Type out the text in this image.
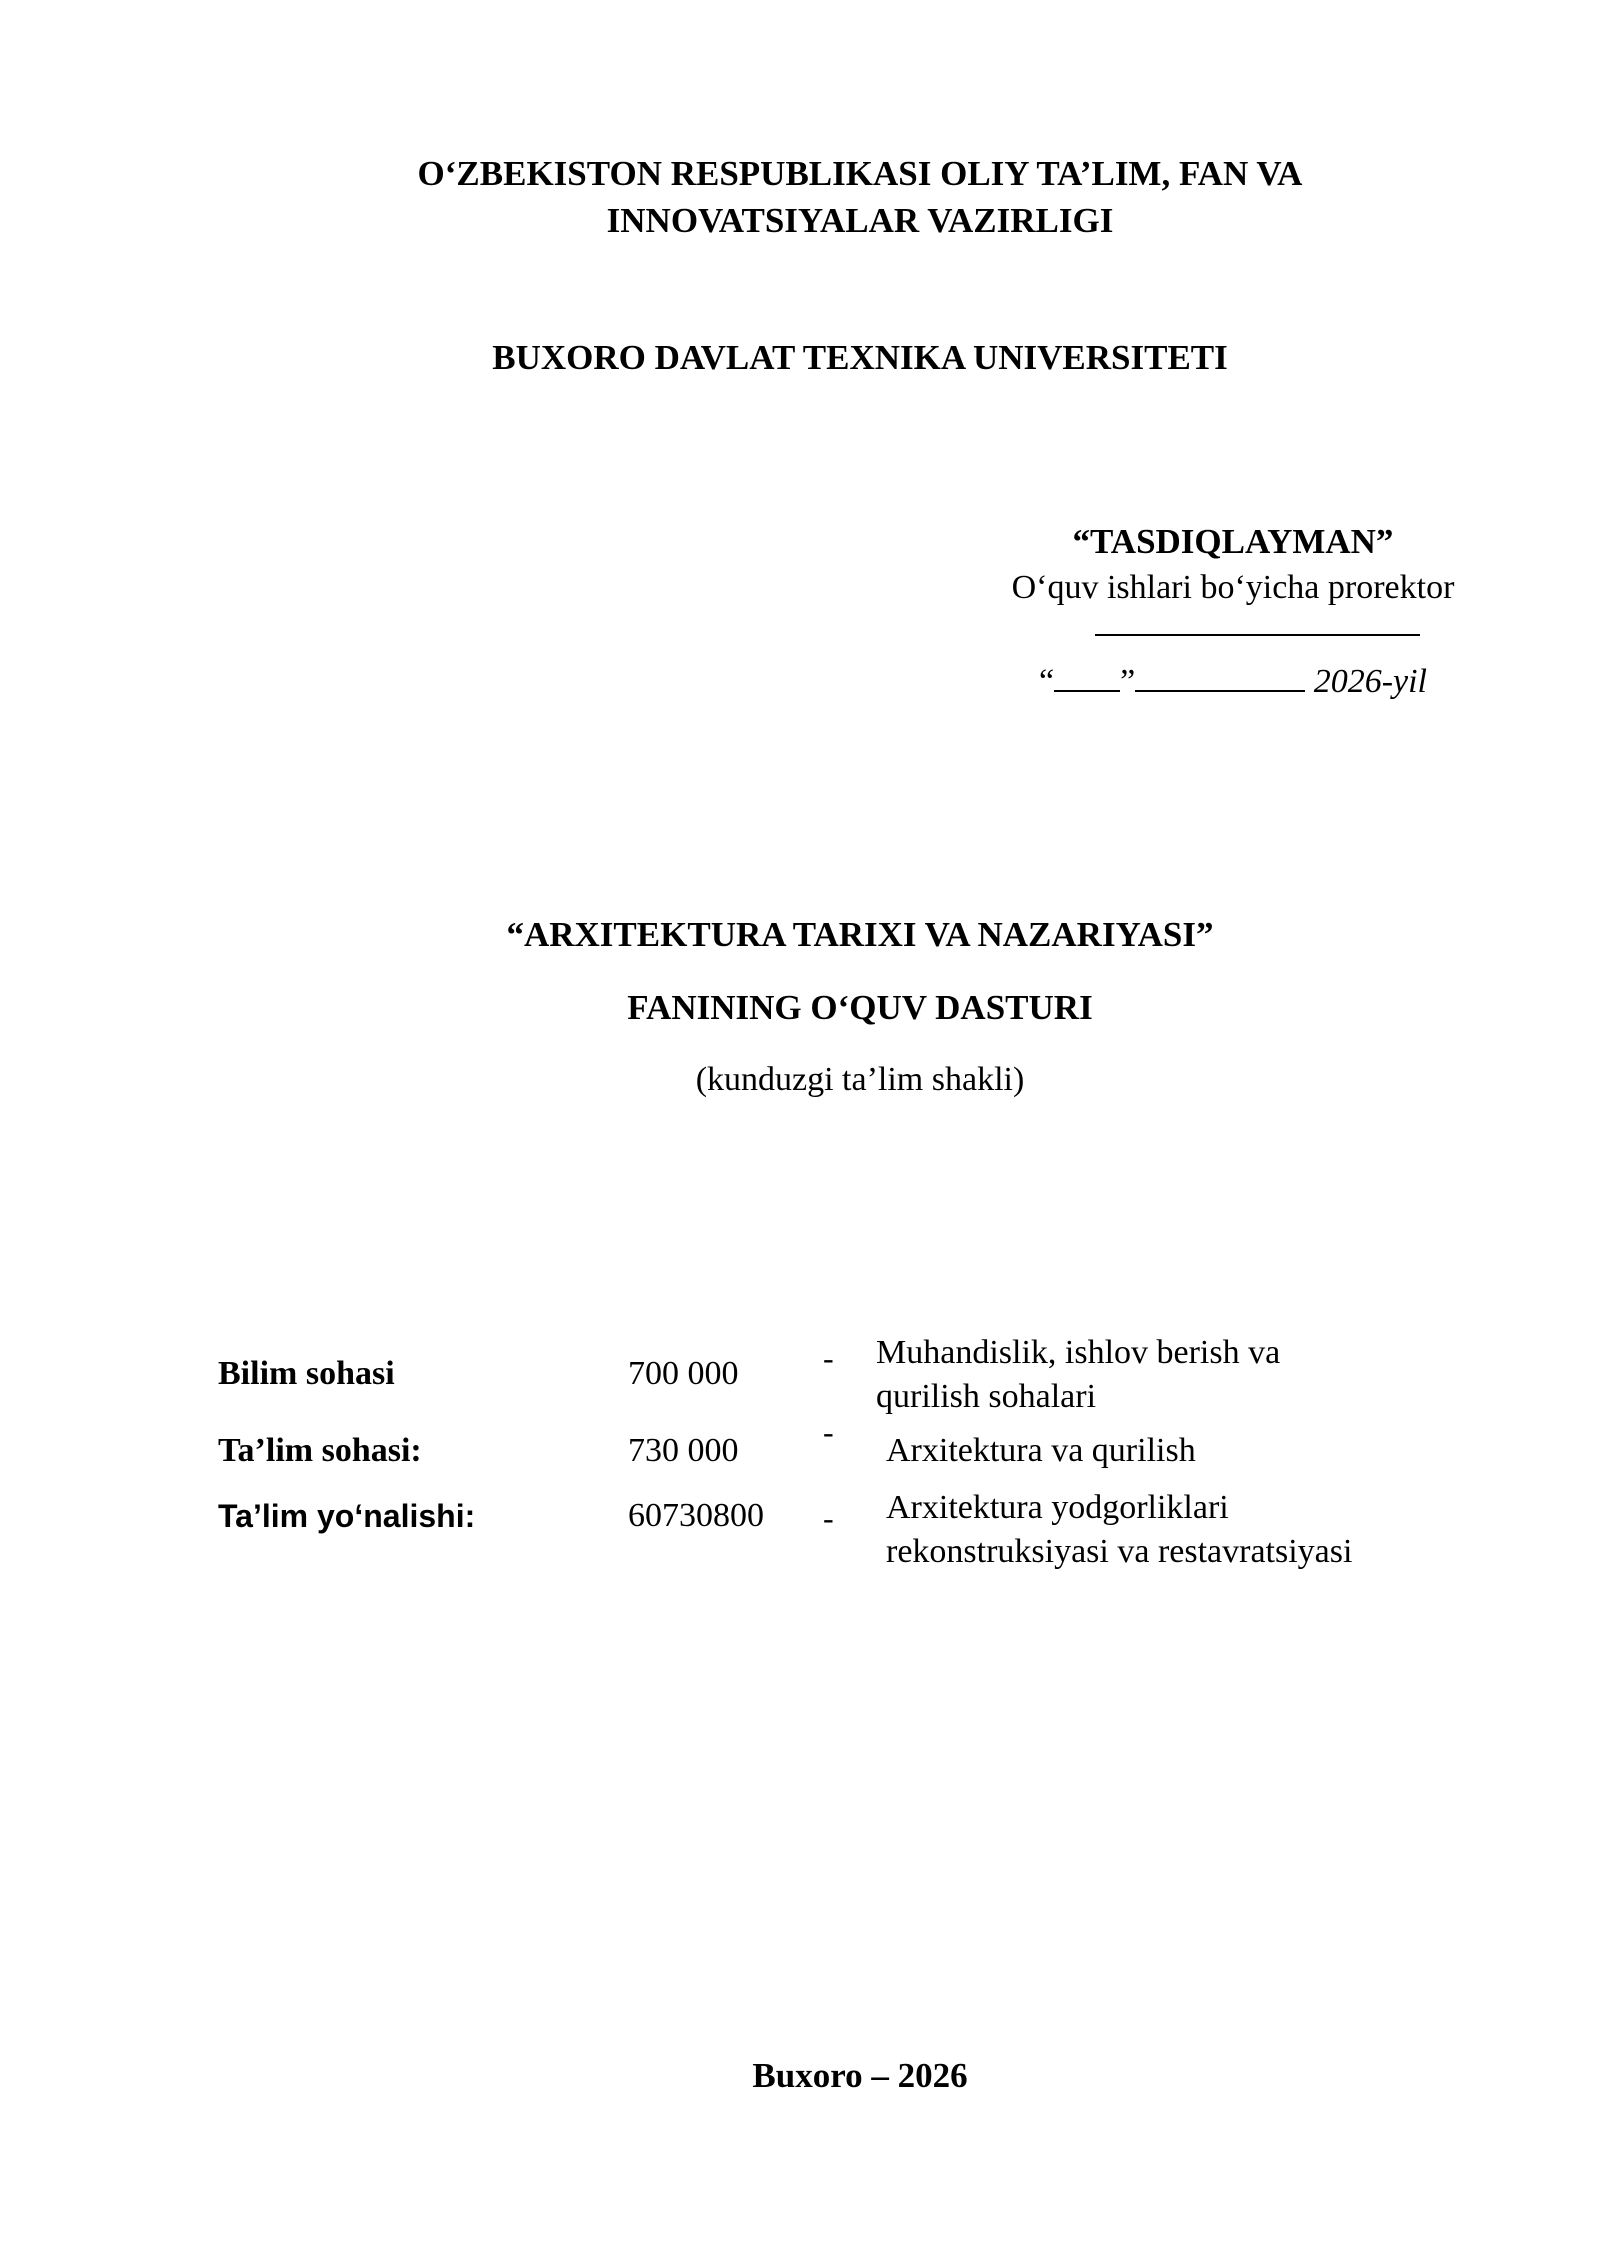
O‘ZBEKISTON RESPUBLIKASI OLIY TA’LIM, FAN VA
INNOVATSIYALAR VAZIRLIGI
BUXORO DAVLAT TEXNIKA UNIVERSITETI
“TASDIQLAYMAN”
O‘quv ishlari bo‘yicha prorektor
“ ”	2026-yil
“ARXITEKTURA TARIXI VA NAZARIYASI”
FANINING O‘QUV DASTURI
(kunduzgi ta’lim shakli)
Bilim sohasi	700 000	- Muhandislik, ishlov berish va
qurilish sohalari
Ta’lim sohasi:	730 000	- Arxitektura va qurilish
Ta’lim yo‘nalishi:	60730800 - Arxitektura yodgorliklari
rekonstruksiyasi va restavratsiyasi
Buxoro – 2026
